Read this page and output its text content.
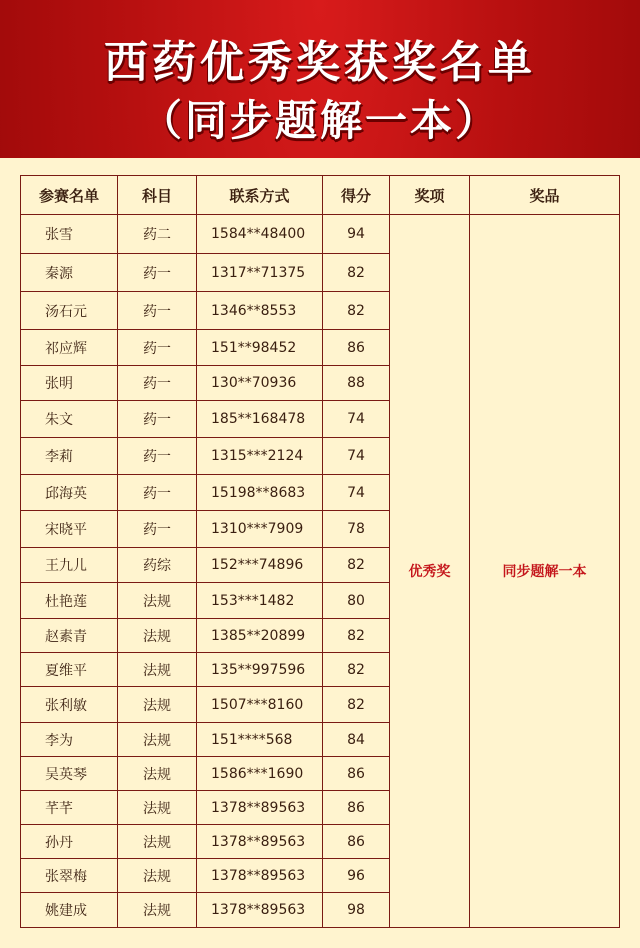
西药优秀奖获奖名单
（同步题解一本）
参赛名单	科目	联系方式	得分	奖项	奖品
张雪	药二	1584**48400	94	优秀奖	同步题解一本
秦源	药一	1317**71375	82		
汤石元	药一	1346**8553	82		
祁应辉	药一	151**98452	86		
张明	药一	130**70936	88		
朱文	药一	185**168478	74		
李莉	药一	1315***2124	74		
邱海英	药一	15198**8683	74		
宋晓平	药一	1310***7909	78		
王九儿	药综	152***74896	82		
杜艳莲	法规	153***1482	80		
赵素青	法规	1385**20899	82		
夏维平	法规	135**997596	82		
张利敏	法规	1507***8160	82		
李为	法规	151****568	84		
吴英琴	法规	1586***1690	86		
芊芊	法规	1378**89563	86		
孙丹	法规	1378**89563	86		
张翠梅	法规	1378**89563	96		
姚建成	法规	1378**89563	98		
